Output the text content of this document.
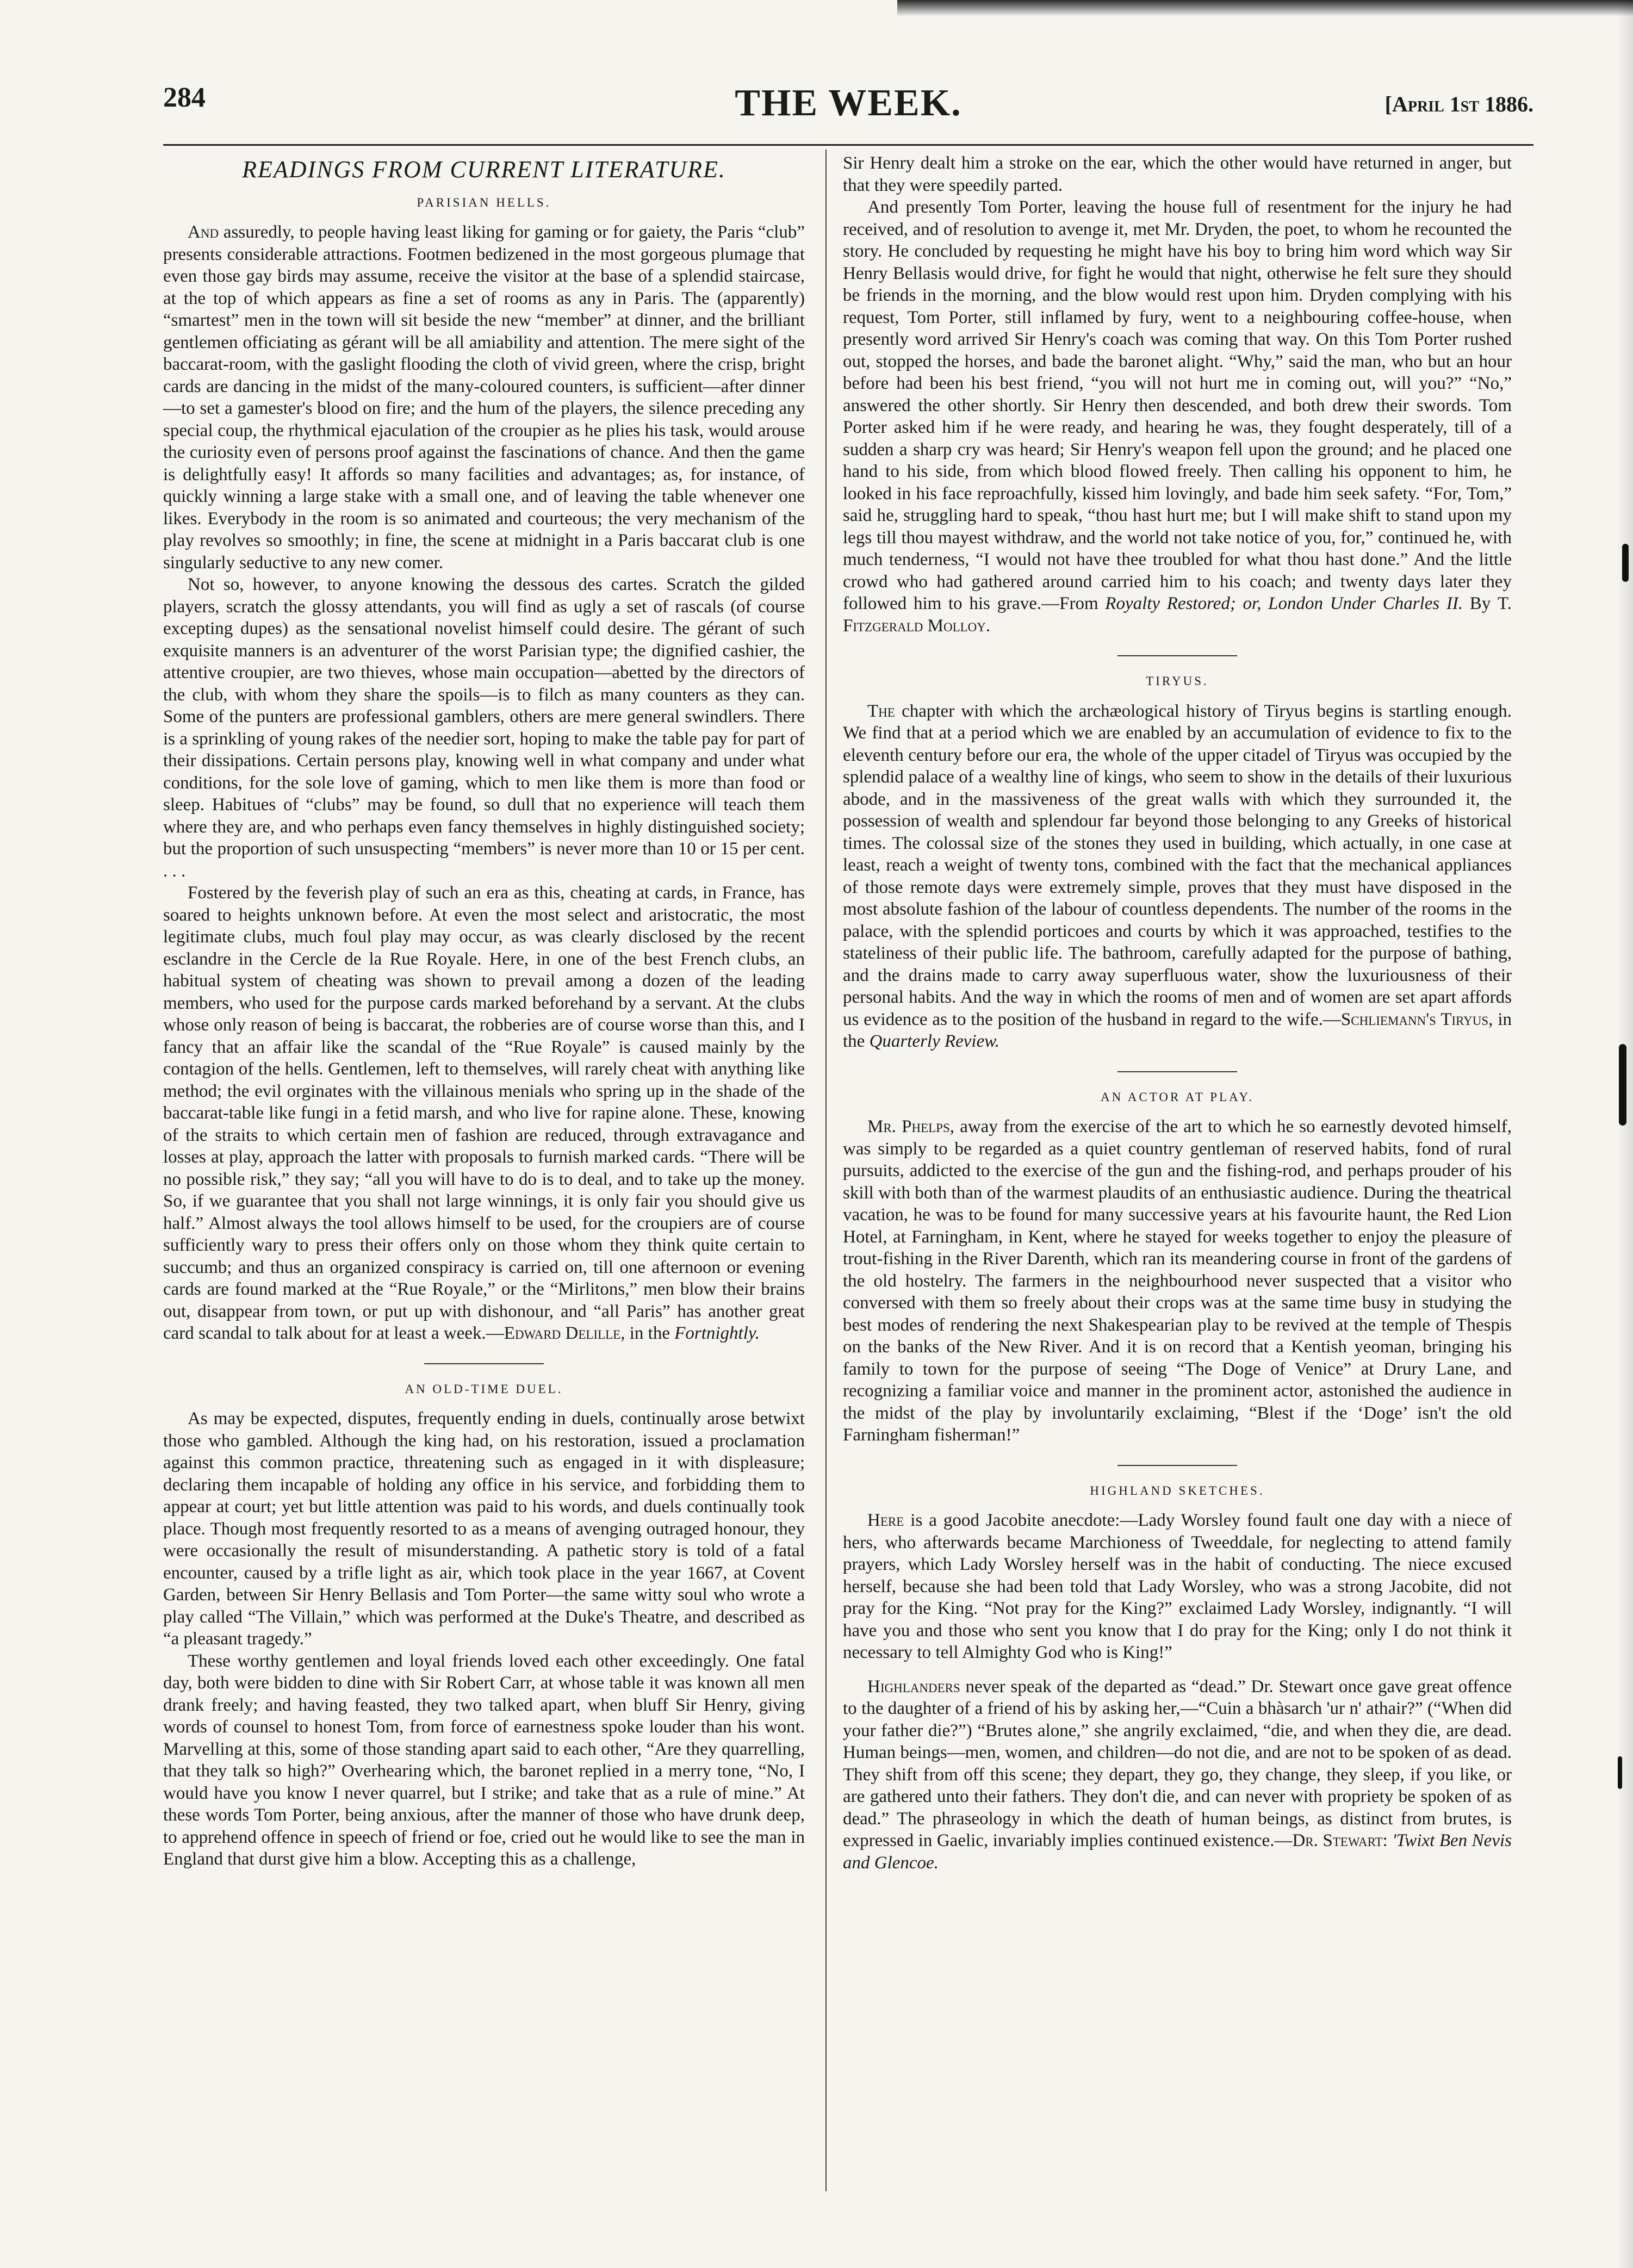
284	THE WEEK.	[April 1st 1886.
READINGS FROM CURRENT LITERATURE.
PARISIAN HELLS.

And assuredly, to people having least liking for gaming or for gaiety, the Paris “club” presents considerable attractions. Footmen bedizened in the most gorgeous plumage that even those gay birds may assume, receive the visitor at the base of a splendid staircase, at the top of which appears as fine a set of rooms as any in Paris. The (apparently) “smartest” men in the town will sit beside the new “member” at dinner, and the brilliant gentlemen officiating as gérant will be all amiability and attention. The mere sight of the baccarat-room, with the gaslight flooding the cloth of vivid green, where the crisp, bright cards are dancing in the midst of the many-coloured counters, is sufficient—after dinner—to set a gamester's blood on fire; and the hum of the players, the silence preceding any special coup, the rhythmical ejaculation of the croupier as he plies his task, would arouse the curiosity even of persons proof against the fascinations of chance. And then the game is delightfully easy! It affords so many facilities and advantages; as, for instance, of quickly winning a large stake with a small one, and of leaving the table whenever one likes. Everybody in the room is so animated and courteous; the very mechanism of the play revolves so smoothly; in fine, the scene at midnight in a Paris baccarat club is one singularly seductive to any new comer.

Not so, however, to anyone knowing the dessous des cartes. Scratch the gilded players, scratch the glossy attendants, you will find as ugly a set of rascals (of course excepting dupes) as the sensational novelist himself could desire. The gérant of such exquisite manners is an adventurer of the worst Parisian type; the dignified cashier, the attentive croupier, are two thieves, whose main occupation—abetted by the directors of the club, with whom they share the spoils—is to filch as many counters as they can. Some of the punters are professional gamblers, others are mere general swindlers. There is a sprinkling of young rakes of the needier sort, hoping to make the table pay for part of their dissipations. Certain persons play, knowing well in what company and under what conditions, for the sole love of gaming, which to men like them is more than food or sleep. Habitues of “clubs” may be found, so dull that no experience will teach them where they are, and who perhaps even fancy themselves in highly distinguished society; but the proportion of such unsuspecting “members” is never more than 10 or 15 per cent. . . .

Fostered by the feverish play of such an era as this, cheating at cards, in France, has soared to heights unknown before. At even the most select and aristocratic, the most legitimate clubs, much foul play may occur, as was clearly disclosed by the recent esclandre in the Cercle de la Rue Royale. Here, in one of the best French clubs, an habitual system of cheating was shown to prevail among a dozen of the leading members, who used for the purpose cards marked beforehand by a servant. At the clubs whose only reason of being is baccarat, the robberies are of course worse than this, and I fancy that an affair like the scandal of the “Rue Royale” is caused mainly by the contagion of the hells. Gentlemen, left to themselves, will rarely cheat with anything like method; the evil orginates with the villainous menials who spring up in the shade of the baccarat-table like fungi in a fetid marsh, and who live for rapine alone. These, knowing of the straits to which certain men of fashion are reduced, through extravagance and losses at play, approach the latter with proposals to furnish marked cards. “There will be no possible risk,” they say; “all you will have to do is to deal, and to take up the money. So, if we guarantee that you shall not large winnings, it is only fair you should give us half.” Almost always the tool allows himself to be used, for the croupiers are of course sufficiently wary to press their offers only on those whom they think quite certain to succumb; and thus an organized conspiracy is carried on, till one afternoon or evening cards are found marked at the “Rue Royale,” or the “Mirlitons,” men blow their brains out, disappear from town, or put up with dishonour, and “all Paris” has another great card scandal to talk about for at least a week.—Edward Delille, in the Fortnightly.

AN OLD-TIME DUEL.

As may be expected, disputes, frequently ending in duels, continually arose betwixt those who gambled. Although the king had, on his restoration, issued a proclamation against this common practice, threatening such as engaged in it with displeasure; declaring them incapable of holding any office in his service, and forbidding them to appear at court; yet but little attention was paid to his words, and duels continually took place. Though most frequently resorted to as a means of avenging outraged honour, they were occasionally the result of misunderstanding. A pathetic story is told of a fatal encounter, caused by a trifle light as air, which took place in the year 1667, at Covent Garden, between Sir Henry Bellasis and Tom Porter—the same witty soul who wrote a play called “The Villain,” which was performed at the Duke's Theatre, and described as “a pleasant tragedy.”

These worthy gentlemen and loyal friends loved each other exceedingly. One fatal day, both were bidden to dine with Sir Robert Carr, at whose table it was known all men drank freely; and having feasted, they two talked apart, when bluff Sir Henry, giving words of counsel to honest Tom, from force of earnestness spoke louder than his wont. Marvelling at this, some of those standing apart said to each other, “Are they quarrelling, that they talk so high?” Overhearing which, the baronet replied in a merry tone, “No, I would have you know I never quarrel, but I strike; and take that as a rule of mine.” At these words Tom Porter, being anxious, after the manner of those who have drunk deep, to apprehend offence in speech of friend or foe, cried out he would like to see the man in England that durst give him a blow. Accepting this as a challenge,

Sir Henry dealt him a stroke on the ear, which the other would have returned in anger, but that they were speedily parted.

And presently Tom Porter, leaving the house full of resentment for the injury he had received, and of resolution to avenge it, met Mr. Dryden, the poet, to whom he recounted the story. He concluded by requesting he might have his boy to bring him word which way Sir Henry Bellasis would drive, for fight he would that night, otherwise he felt sure they should be friends in the morning, and the blow would rest upon him. Dryden complying with his request, Tom Porter, still inflamed by fury, went to a neighbouring coffee-house, when presently word arrived Sir Henry's coach was coming that way. On this Tom Porter rushed out, stopped the horses, and bade the baronet alight. “Why,” said the man, who but an hour before had been his best friend, “you will not hurt me in coming out, will you?” “No,” answered the other shortly. Sir Henry then descended, and both drew their swords. Tom Porter asked him if he were ready, and hearing he was, they fought desperately, till of a sudden a sharp cry was heard; Sir Henry's weapon fell upon the ground; and he placed one hand to his side, from which blood flowed freely. Then calling his opponent to him, he looked in his face reproachfully, kissed him lovingly, and bade him seek safety. “For, Tom,” said he, struggling hard to speak, “thou hast hurt me; but I will make shift to stand upon my legs till thou mayest withdraw, and the world not take notice of you, for,” continued he, with much tenderness, “I would not have thee troubled for what thou hast done.” And the little crowd who had gathered around carried him to his coach; and twenty days later they followed him to his grave.—From Royalty Restored; or, London Under Charles II. By T. Fitzgerald Molloy.

TIRYUS.

The chapter with which the archæological history of Tiryus begins is startling enough. We find that at a period which we are enabled by an accumulation of evidence to fix to the eleventh century before our era, the whole of the upper citadel of Tiryus was occupied by the splendid palace of a wealthy line of kings, who seem to show in the details of their luxurious abode, and in the massiveness of the great walls with which they surrounded it, the possession of wealth and splendour far beyond those belonging to any Greeks of historical times. The colossal size of the stones they used in building, which actually, in one case at least, reach a weight of twenty tons, combined with the fact that the mechanical appliances of those remote days were extremely simple, proves that they must have disposed in the most absolute fashion of the labour of countless dependents. The number of the rooms in the palace, with the splendid porticoes and courts by which it was approached, testifies to the stateliness of their public life. The bathroom, carefully adapted for the purpose of bathing, and the drains made to carry away superfluous water, show the luxuriousness of their personal habits. And the way in which the rooms of men and of women are set apart affords us evidence as to the position of the husband in regard to the wife.—Schliemann's Tiryus, in the Quarterly Review.

AN ACTOR AT PLAY.

Mr. Phelps, away from the exercise of the art to which he so earnestly devoted himself, was simply to be regarded as a quiet country gentleman of reserved habits, fond of rural pursuits, addicted to the exercise of the gun and the fishing-rod, and perhaps prouder of his skill with both than of the warmest plaudits of an enthusiastic audience. During the theatrical vacation, he was to be found for many successive years at his favourite haunt, the Red Lion Hotel, at Farningham, in Kent, where he stayed for weeks together to enjoy the pleasure of trout-fishing in the River Darenth, which ran its meandering course in front of the gardens of the old hostelry. The farmers in the neighbourhood never suspected that a visitor who conversed with them so freely about their crops was at the same time busy in studying the best modes of rendering the next Shakespearian play to be revived at the temple of Thespis on the banks of the New River. And it is on record that a Kentish yeoman, bringing his family to town for the purpose of seeing “The Doge of Venice” at Drury Lane, and recognizing a familiar voice and manner in the prominent actor, astonished the audience in the midst of the play by involuntarily exclaiming, “Blest if the ‘Doge’ isn't the old Farningham fisherman!”

HIGHLAND SKETCHES.

Here is a good Jacobite anecdote:—Lady Worsley found fault one day with a niece of hers, who afterwards became Marchioness of Tweeddale, for neglecting to attend family prayers, which Lady Worsley herself was in the habit of conducting. The niece excused herself, because she had been told that Lady Worsley, who was a strong Jacobite, did not pray for the King. “Not pray for the King?” exclaimed Lady Worsley, indignantly. “I will have you and those who sent you know that I do pray for the King; only I do not think it necessary to tell Almighty God who is King!”

Highlanders never speak of the departed as “dead.” Dr. Stewart once gave great offence to the daughter of a friend of his by asking her,—“Cuin a bhàsarch 'ur n' athair?” (“When did your father die?”) “Brutes alone,” she angrily exclaimed, “die, and when they die, are dead. Human beings—men, women, and children—do not die, and are not to be spoken of as dead. They shift from off this scene; they depart, they go, they change, they sleep, if you like, or are gathered unto their fathers. They don't die, and can never with propriety be spoken of as dead.” The phraseology in which the death of human beings, as distinct from brutes, is expressed in Gaelic, invariably implies continued existence.—Dr. Stewart: 'Twixt Ben Nevis and Glencoe.
